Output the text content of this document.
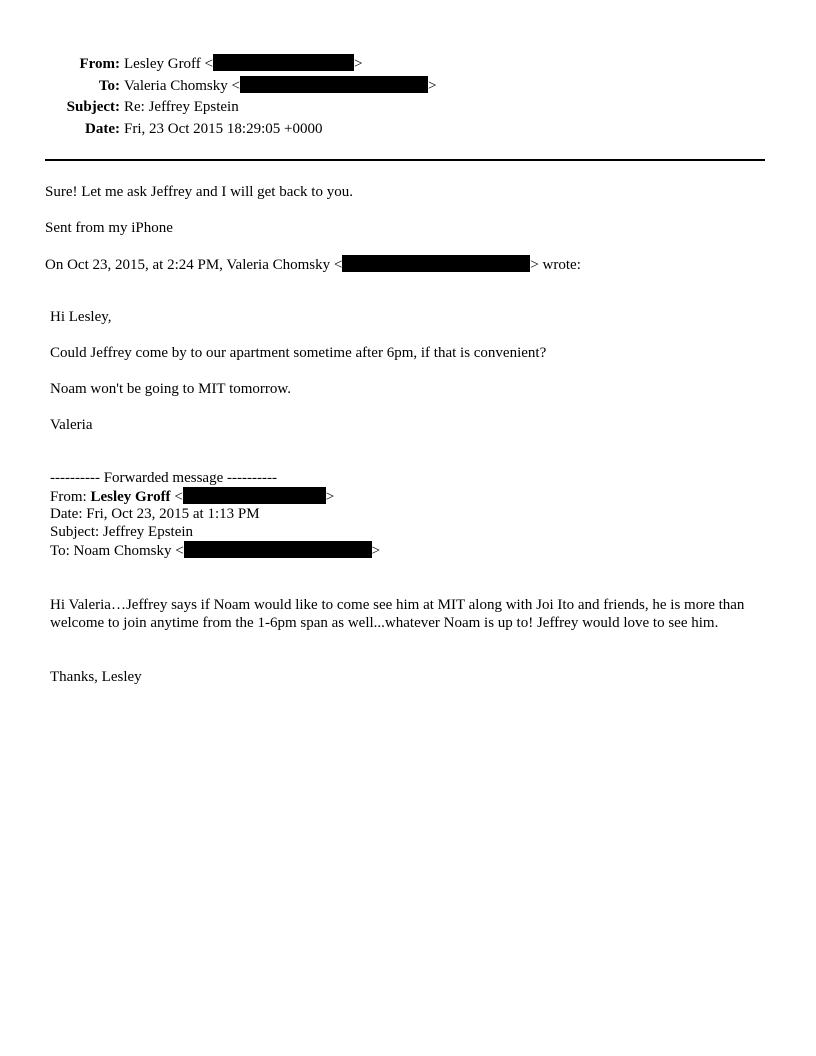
From: Lesley Groff <	>
To: Valeria Chomsky <	>
Subject: Re: Jeffrey Epstein
Date: Fri, 23 Oct 2015 18:29:05 +0000
Sure! Let me ask Jeffrey and I will get back to you.
Sent from my iPhone
On Oct 23, 2015, at 2:24 PM, Valeria Chomsky <	> wrote:
Hi Lesley,
Could Jeffrey come by to our apartment sometime after 6pm, if that is convenient?
Noam won't be going to MIT tomorrow.
Valeria
---------- Forwarded message ----------
From: Lesley Groff <	>
Date: Fri, Oct 23, 2015 at 1:13 PM
Subject: Jeffrey Epstein
To: Noam Chomsky <	>
Hi Valeria…Jeffrey says if Noam would like to come see him at MIT along with Joi Ito and friends, he is more than welcome to join anytime from the 1-6pm span as well...whatever Noam is up to! Jeffrey would love to see him.
Thanks, Lesley
